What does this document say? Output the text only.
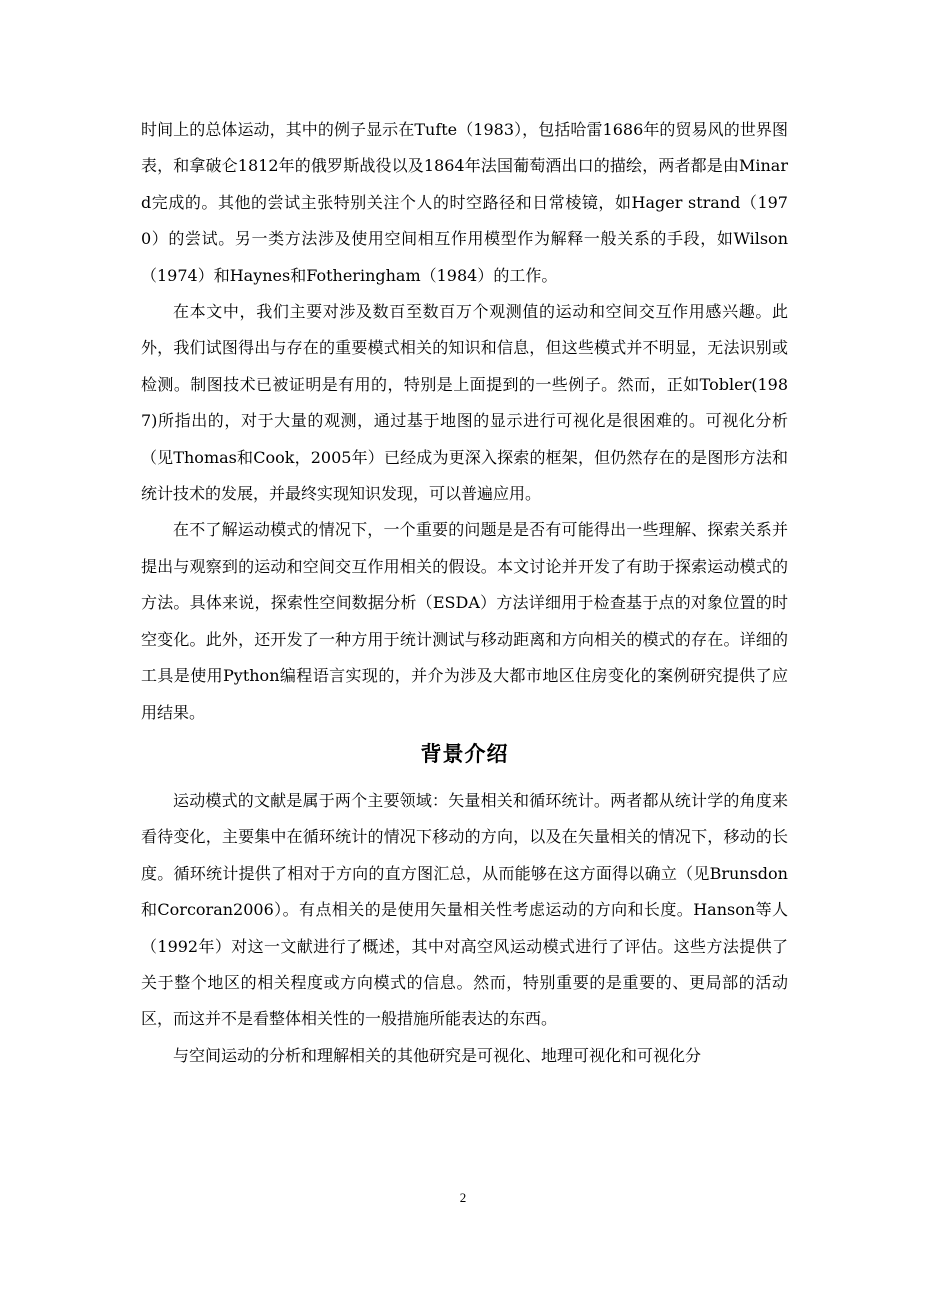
时间上的总体运动，其中的例子显示在Tufte（1983），包括哈雷1686年的贸易风的世界图表，和拿破仑1812年的俄罗斯战役以及1864年法国葡萄酒出口的描绘，两者都是由Minard完成的。其他的尝试主张特别关注个人的时空路径和日常棱镜，如Hager strand（1970）的尝试。另一类方法涉及使用空间相互作用模型作为解释一般关系的手段，如Wilson（1974）和Haynes和Fotheringham（1984）的工作。

在本文中，我们主要对涉及数百至数百万个观测值的运动和空间交互作用感兴趣。此外，我们试图得出与存在的重要模式相关的知识和信息，但这些模式并不明显，无法识别或检测。制图技术已被证明是有用的，特别是上面提到的一些例子。然而，正如Tobler(1987)所指出的，对于大量的观测，通过基于地图的显示进行可视化是很困难的。可视化分析（见Thomas和Cook，2005年）已经成为更深入探索的框架，但仍然存在的是图形方法和统计技术的发展，并最终实现知识发现，可以普遍应用。

在不了解运动模式的情况下，一个重要的问题是是否有可能得出一些理解、探索关系并提出与观察到的运动和空间交互作用相关的假设。本文讨论并开发了有助于探索运动模式的方法。具体来说，探索性空间数据分析（ESDA）方法详细用于检查基于点的对象位置的时空变化。此外，还开发了一种方用于统计测试与移动距离和方向相关的模式的存在。详细的工具是使用Python编程语言实现的，并介为涉及大都市地区住房变化的案例研究提供了应用结果。

背景介绍

运动模式的文献是属于两个主要领域：矢量相关和循环统计。两者都从统计学的角度来看待变化，主要集中在循环统计的情况下移动的方向，以及在矢量相关的情况下，移动的长度。循环统计提供了相对于方向的直方图汇总，从而能够在这方面得以确立（见Brunsdon和Corcoran2006）。有点相关的是使用矢量相关性考虑运动的方向和长度。Hanson等人（1992年）对这一文献进行了概述，其中对高空风运动模式进行了评估。这些方法提供了关于整个地区的相关程度或方向模式的信息。然而，特别重要的是重要的、更局部的活动区，而这并不是看整体相关性的一般措施所能表达的东西。

与空间运动的分析和理解相关的其他研究是可视化、地理可视化和可视化分

2
